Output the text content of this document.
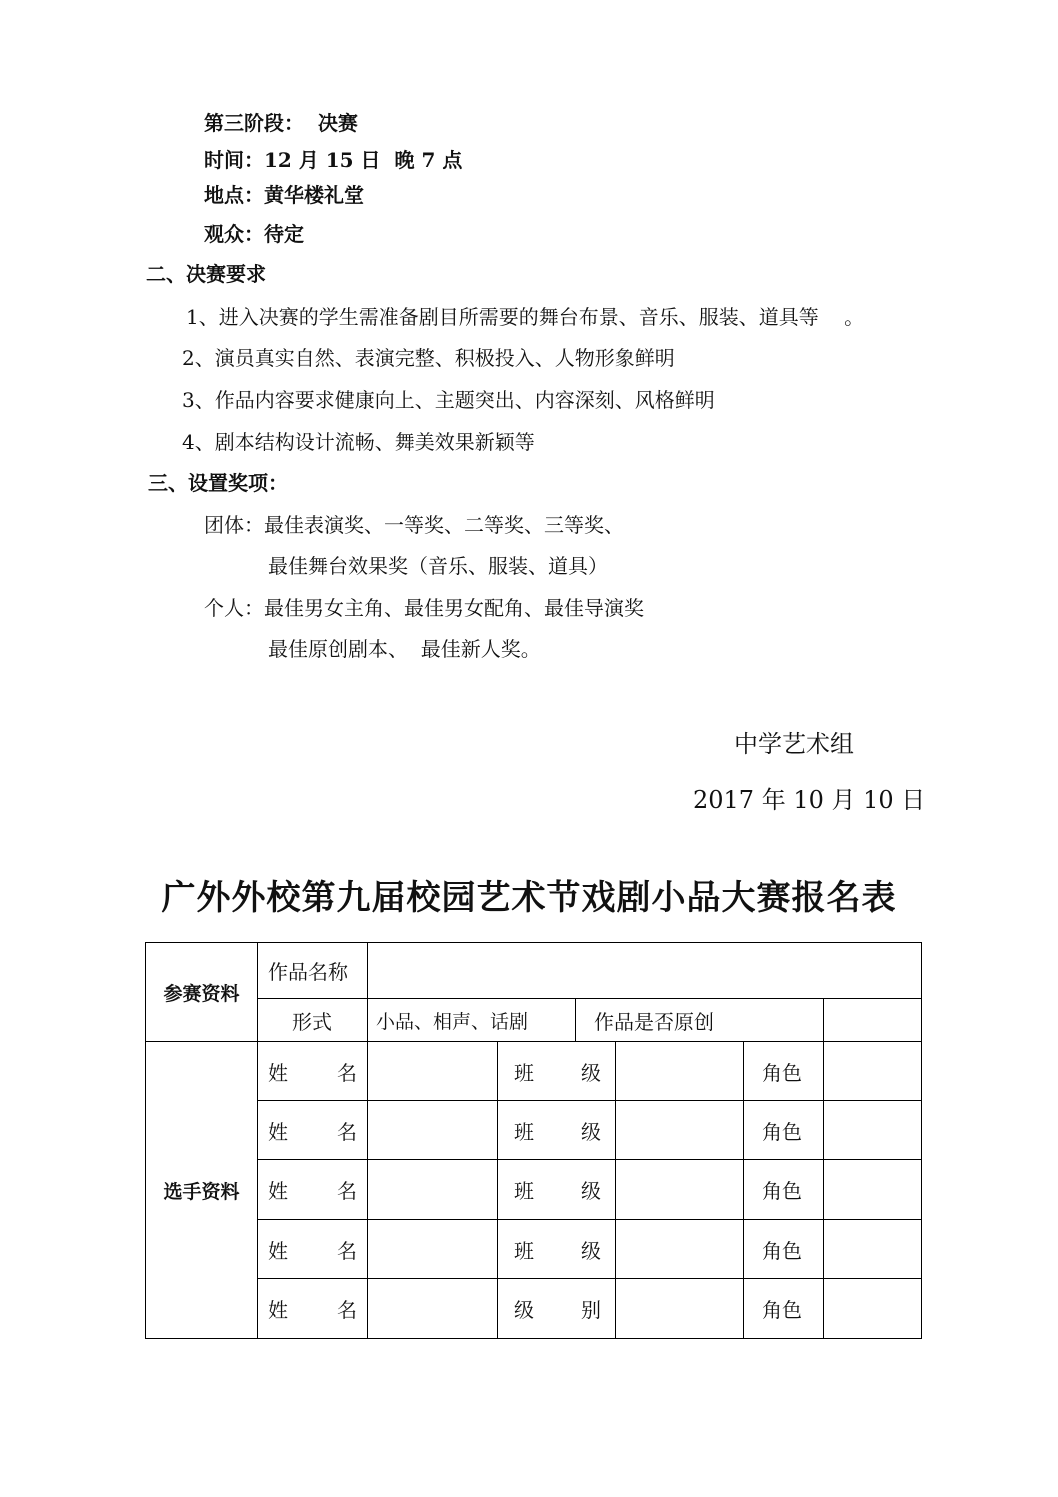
第三阶段：  决赛
时间：12 月 15 日  晚 7 点
地点：黄华楼礼堂
观众：待定
二、决赛要求
1、进入决赛的学生需准备剧目所需要的舞台布景、音乐、服装、道具等    。
2、演员真实自然、表演完整、积极投入、人物形象鲜明
3、作品内容要求健康向上、主题突出、内容深刻、风格鲜明
4、剧本结构设计流畅、舞美效果新颖等
三、设置奖项：
团体：最佳表演奖、一等奖、二等奖、三等奖、
最佳舞台效果奖（音乐、服装、道具）
个人：最佳男女主角、最佳男女配角、最佳导演奖
最佳原创剧本、  最佳新人奖。
中学艺术组
2017 年 10 月 10 日
广外外校第九届校园艺术节戏剧小品大赛报名表
参赛资料	作品名称						
	形式	小品、相声、话剧		作品是否原创			
选手资料	姓 名		班 级			角色	

	姓 名		班 级			角色	

	姓 名		班 级			角色	

	姓 名		班 级			角色	

	姓 名		级 别			角色	
